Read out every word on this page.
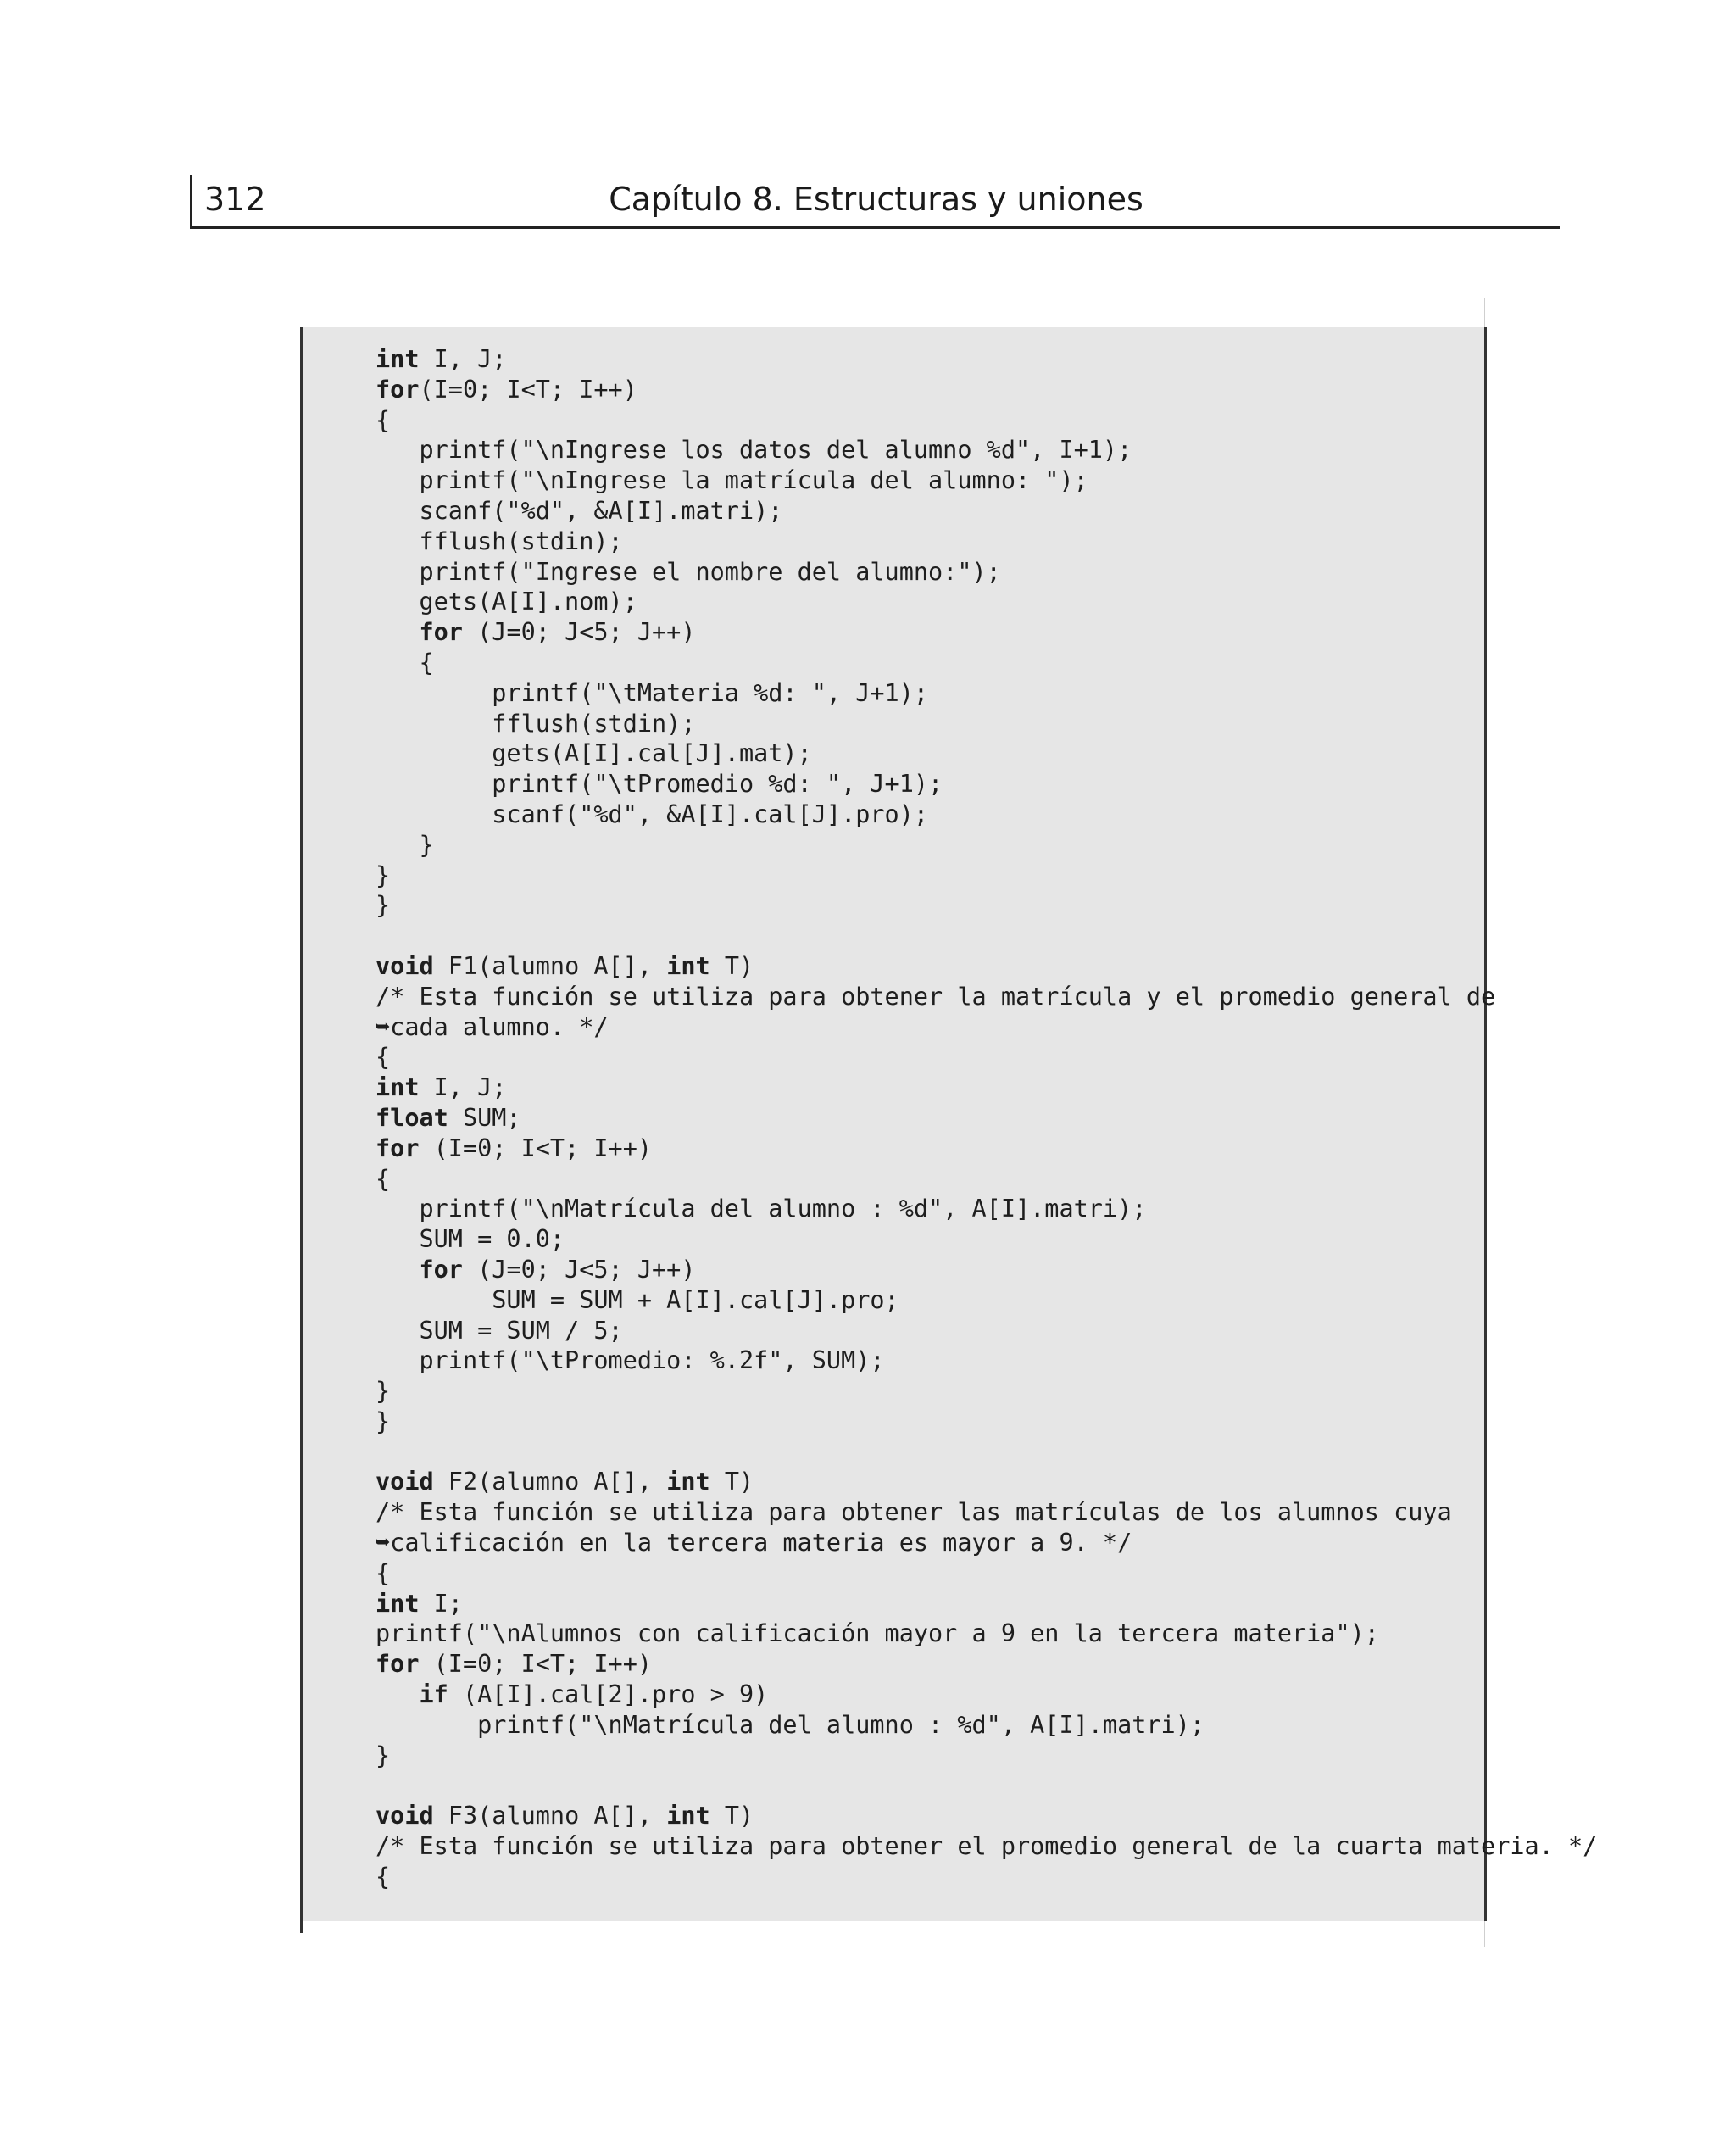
312	Capítulo 8. Estructuras y uniones
int I, J;
for(I=0; I<T; I++)
{
printf("\nIngrese los datos del alumno %d", I+1);
printf("\nIngrese la matrícula del alumno: ");
scanf("%d", &A[I].matri);
fflush(stdin);
printf("Ingrese el nombre del alumno:");
gets(A[I].nom);
for (J=0; J<5; J++)
{
printf("\tMateria %d: ", J+1);
fflush(stdin);
gets(A[I].cal[J].mat);
printf("\tPromedio %d: ", J+1);
scanf("%d", &A[I].cal[J].pro);
}
}
}

void F1(alumno A[], int T)
/* Esta función se utiliza para obtener la matrícula y el promedio general de
➥cada alumno. */
{
int I, J;
float SUM;
for (I=0; I<T; I++)
{
printf("\nMatrícula del alumno : %d", A[I].matri);
SUM = 0.0;
for (J=0; J<5; J++)
SUM = SUM + A[I].cal[J].pro;
SUM = SUM / 5;
printf("\tPromedio: %.2f", SUM);
}
}

void F2(alumno A[], int T)
/* Esta función se utiliza para obtener las matrículas de los alumnos cuya
➥calificación en la tercera materia es mayor a 9. */
{
int I;
printf("\nAlumnos con calificación mayor a 9 en la tercera materia");
for (I=0; I<T; I++)
if (A[I].cal[2].pro > 9)
printf("\nMatrícula del alumno : %d", A[I].matri);
}

void F3(alumno A[], int T)
/* Esta función se utiliza para obtener el promedio general de la cuarta materia. */
{
